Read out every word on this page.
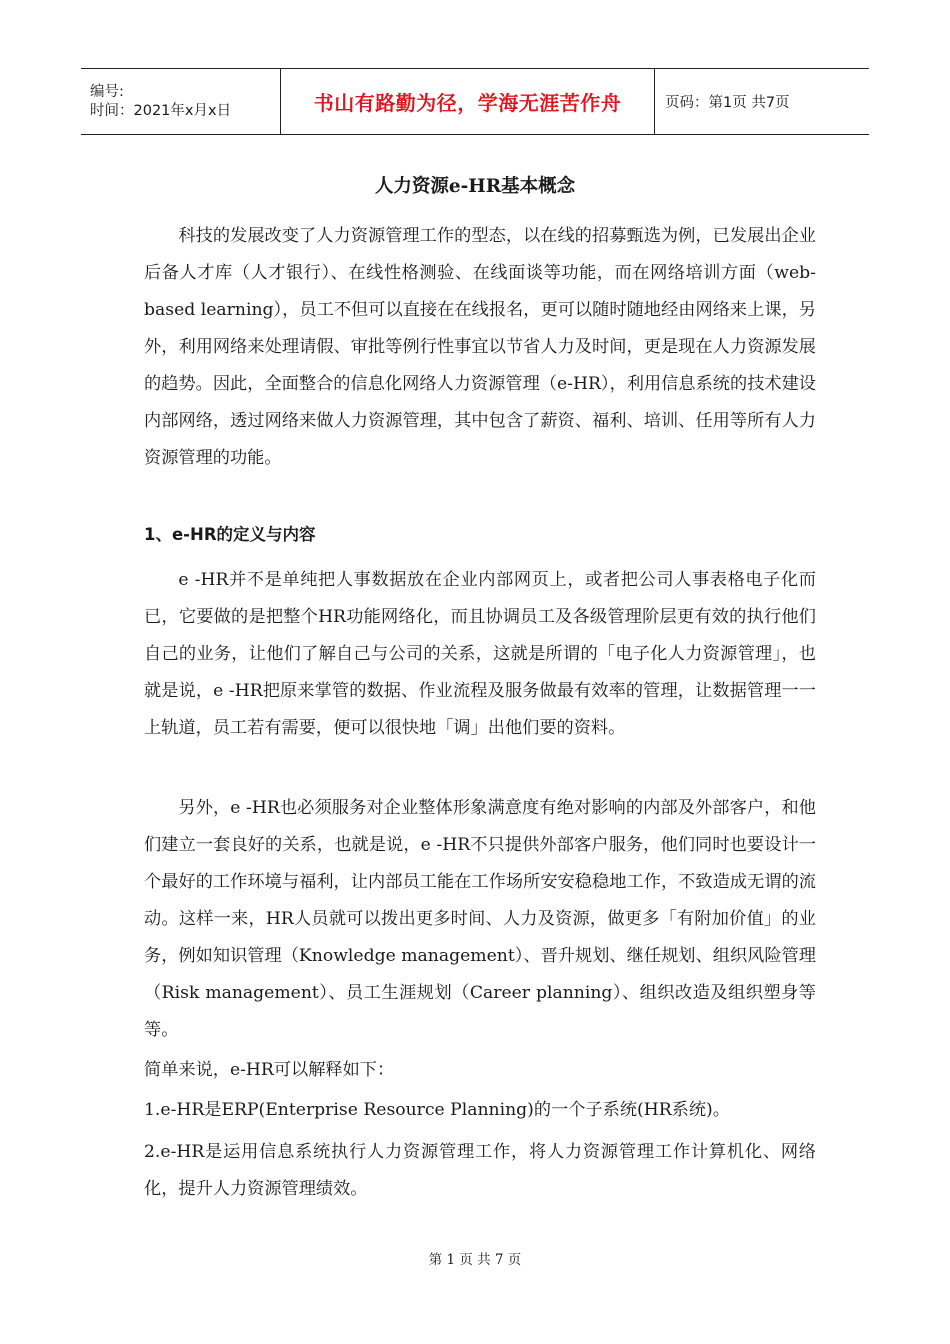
编号:
时间：2021年x月x日	书山有路勤为径，学海无涯苦作舟	页码：第1页 共7页
人力资源e-HR基本概念

科技的发展改变了人力资源管理工作的型态，以在线的招募甄选为例，已发展出企业后备人才库（人才银行）、在线性格测验、在线面谈等功能，而在网络培训方面（web-based learning），员工不但可以直接在在线报名，更可以随时随地经由网络来上课，另外，利用网络来处理请假、审批等例行性事宜以节省人力及时间，更是现在人力资源发展的趋势。因此，全面整合的信息化网络人力资源管理（e-HR），利用信息系统的技术建设内部网络，透过网络来做人力资源管理，其中包含了薪资、福利、培训、任用等所有人力资源管理的功能。

1、e-HR的定义与内容

e -HR并不是单纯把人事数据放在企业内部网页上，或者把公司人事表格电子化而已，它要做的是把整个HR功能网络化，而且协调员工及各级管理阶层更有效的执行他们自己的业务，让他们了解自己与公司的关系，这就是所谓的「电子化人力资源管理」，也就是说，e -HR把原来掌管的数据、作业流程及服务做最有效率的管理，让数据管理一一上轨道，员工若有需要，便可以很快地「调」出他们要的资料。

另外，e -HR也必须服务对企业整体形象满意度有绝对影响的内部及外部客户，和他们建立一套良好的关系，也就是说，e -HR不只提供外部客户服务，他们同时也要设计一个最好的工作环境与福利，让内部员工能在工作场所安安稳稳地工作，不致造成无谓的流动。这样一来，HR人员就可以拨出更多时间、人力及资源，做更多「有附加价值」的业务，例如知识管理（Knowledge management）、晋升规划、继任规划、组织风险管理（Risk management）、员工生涯规划（Career planning）、组织改造及组织塑身等等。

简单来说，e-HR可以解释如下：

1.e-HR是ERP(Enterprise Resource Planning)的一个子系统(HR系统)。

2.e-HR是运用信息系统执行人力资源管理工作，将人力资源管理工作计算机化、网络化，提升人力资源管理绩效。

第 1 页 共 7 页
